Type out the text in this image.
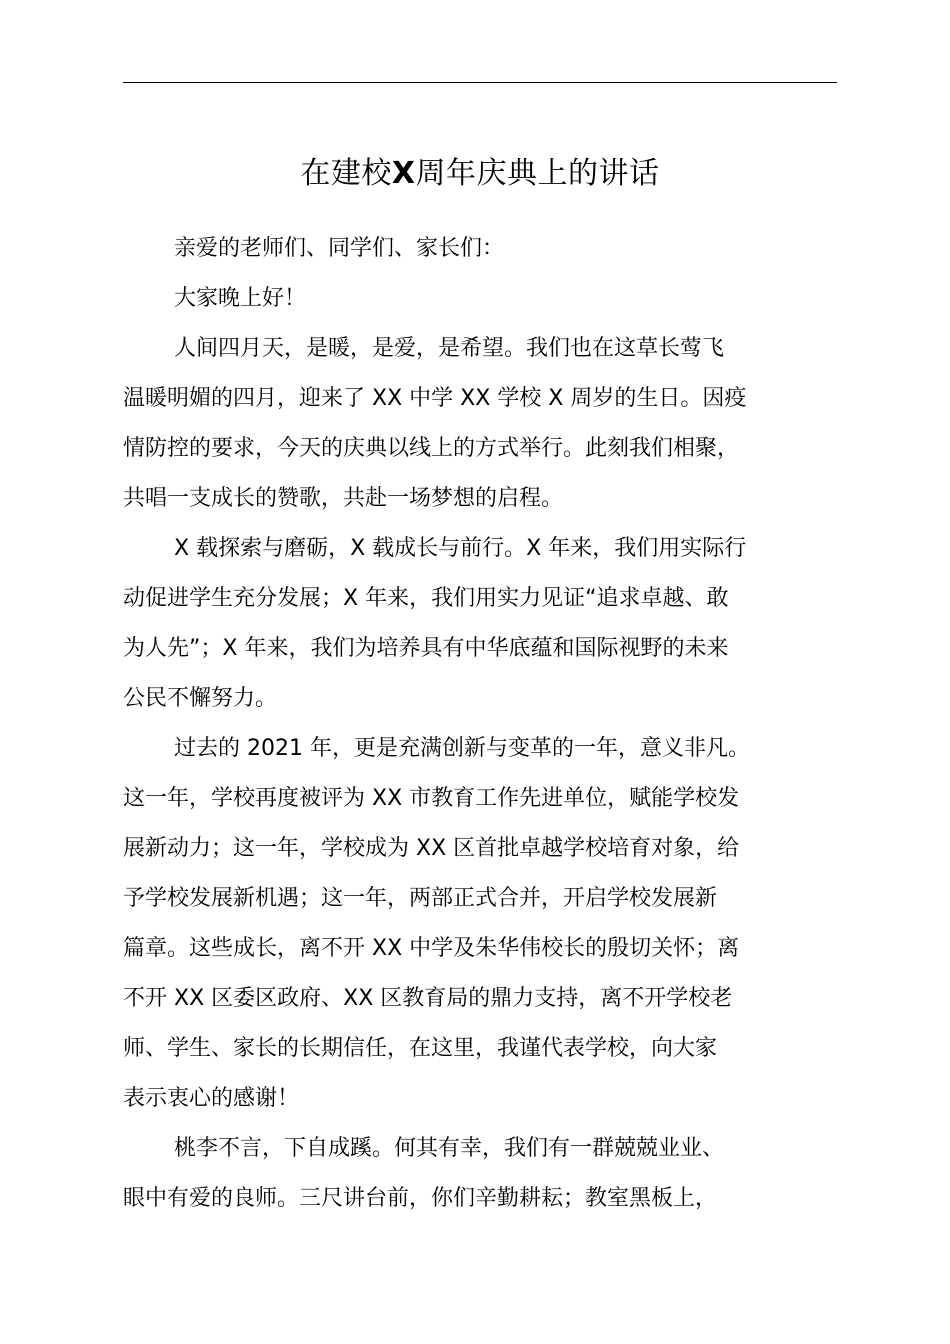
在建校X周年庆典上的讲话
亲爱的老师们、同学们、家长们：
大家晚上好！
人间四月天，是暖，是爱，是希望。我们也在这草长莺飞
温暖明媚的四月，迎来了 XX 中学 XX 学校 X 周岁的生日。因疫
情防控的要求，今天的庆典以线上的方式举行。此刻我们相聚，
共唱一支成长的赞歌，共赴一场梦想的启程。
X 载探索与磨砺，X 载成长与前行。X 年来，我们用实际行
动促进学生充分发展；X 年来，我们用实力见证“追求卓越、敢
为人先”；X 年来，我们为培养具有中华底蕴和国际视野的未来
公民不懈努力。
过去的 2021 年，更是充满创新与变革的一年，意义非凡。
这一年，学校再度被评为 XX 市教育工作先进单位，赋能学校发
展新动力；这一年，学校成为 XX 区首批卓越学校培育对象，给
予学校发展新机遇；这一年，两部正式合并，开启学校发展新
篇章。这些成长，离不开 XX 中学及朱华伟校长的殷切关怀；离
不开 XX 区委区政府、XX 区教育局的鼎力支持，离不开学校老
师、学生、家长的长期信任，在这里，我谨代表学校，向大家
表示衷心的感谢！
桃李不言，下自成蹊。何其有幸，我们有一群兢兢业业、
眼中有爱的良师。三尺讲台前，你们辛勤耕耘；教室黑板上，
